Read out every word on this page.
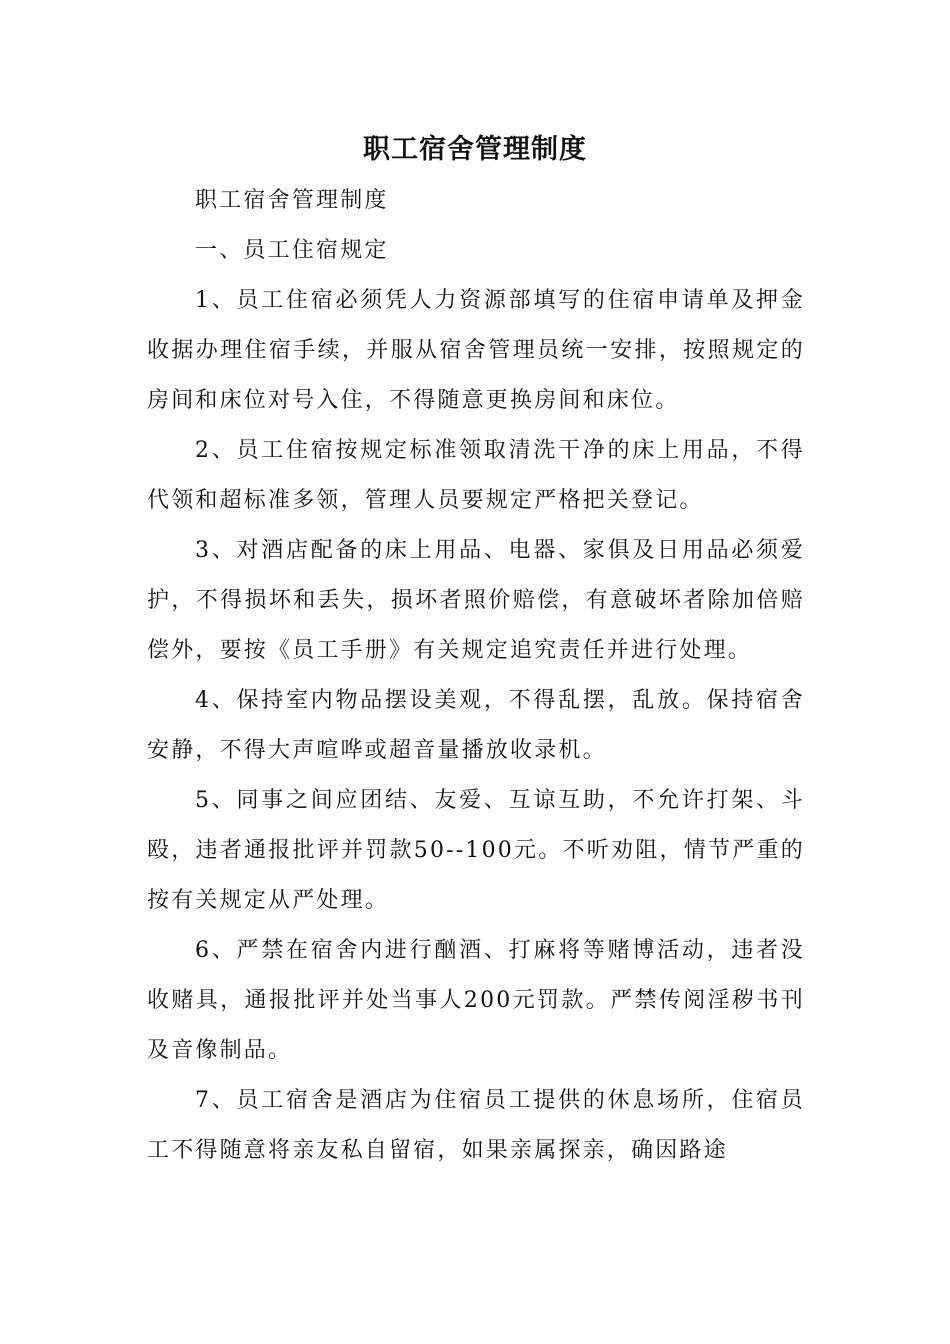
职工宿舍管理制度

职工宿舍管理制度

一、员工住宿规定

1、员工住宿必须凭人力资源部填写的住宿申请单及押金收据办理住宿手续，并服从宿舍管理员统一安排，按照规定的房间和床位对号入住，不得随意更换房间和床位。

2、员工住宿按规定标准领取清洗干净的床上用品，不得代领和超标准多领，管理人员要规定严格把关登记。

3、对酒店配备的床上用品、电器、家俱及日用品必须爱护，不得损坏和丢失，损坏者照价赔偿，有意破坏者除加倍赔偿外，要按《员工手册》有关规定追究责任并进行处理。

4、保持室内物品摆设美观，不得乱摆，乱放。保持宿舍安静，不得大声喧哗或超音量播放收录机。

5、同事之间应团结、友爱、互谅互助，不允许打架、斗殴，违者通报批评并罚款50--100元。不听劝阻，情节严重的按有关规定从严处理。

6、严禁在宿舍内进行酗酒、打麻将等赌博活动，违者没收赌具，通报批评并处当事人200元罚款。严禁传阅淫秽书刊及音像制品。

7、员工宿舍是酒店为住宿员工提供的休息场所，住宿员工不得随意将亲友私自留宿，如果亲属探亲，确因路途
